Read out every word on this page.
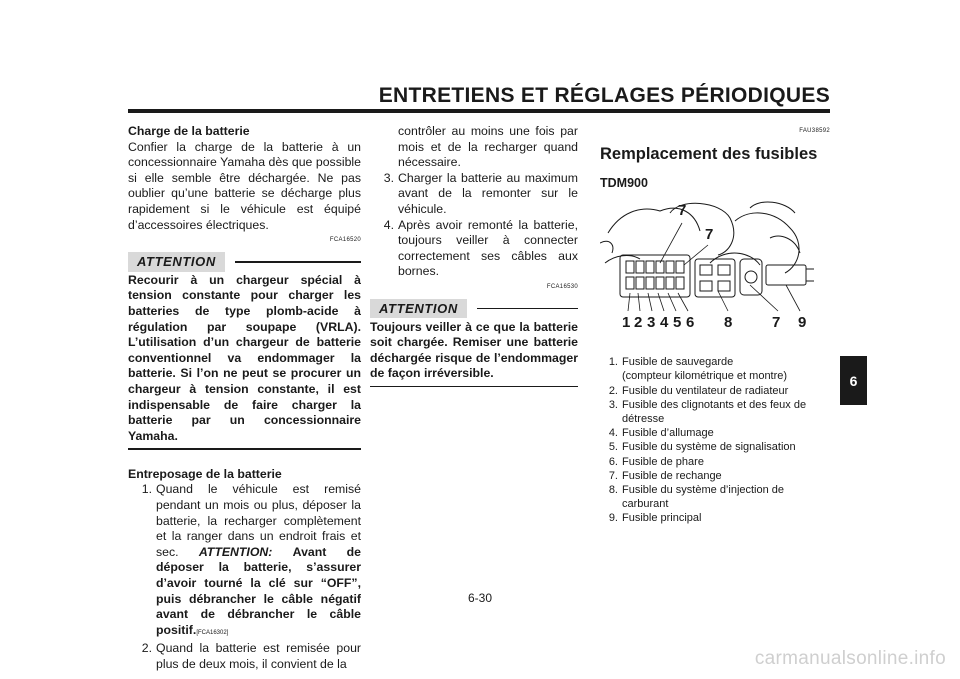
ENTRETIENS ET RÉGLAGES PÉRIODIQUES

Charge de la batterie

Confier la charge de la batterie à un concessionnaire Yamaha dès que possible si elle semble être déchargée. Ne pas oublier qu’une batterie se décharge plus rapidement si le véhicule est équipé d’accessoires électriques.

FCA16520

ATTENTION

Recourir à un chargeur spécial à tension constante pour charger les batteries de type plomb-acide à régulation par soupape (VRLA). L’utilisation d’un chargeur de batterie conventionnel va endommager la batterie. Si l’on ne peut se procurer un chargeur à tension constante, il est indispensable de faire charger la batterie par un concessionnaire Yamaha.

Entreposage de la batterie

1. Quand le véhicule est remisé pendant un mois ou plus, déposer la batterie, la recharger complètement et la ranger dans un endroit frais et sec. ATTENTION: Avant de déposer la batterie, s’assurer d’avoir tourné la clé sur “OFF”, puis débrancher le câble négatif avant de débrancher le câble positif.[FCA16302]
2. Quand la batterie est remisée pour plus de deux mois, il convient de la

contrôler au moins une fois par mois et de la recharger quand nécessaire.

3. Charger la batterie au maximum avant de la remonter sur le véhicule.
4. Après avoir remonté la batterie, toujours veiller à connecter correctement ses câbles aux bornes.

FCA16530

ATTENTION

Toujours veiller à ce que la batterie soit chargée. Remiser une batterie déchargée risque de l’endommager de façon irréversible.

FAU38592
Remplacement des fusibles
TDM900
7
7
1 2 3 4 5 6 8	7 9
1. Fusible de sauvegarde
(compteur kilométrique et montre)
2. Fusible du ventilateur de radiateur
3. Fusible des clignotants et des feux de
détresse
4. Fusible d’allumage
5. Fusible du système de signalisation
6. Fusible de phare
7. Fusible de rechange
8. Fusible du système d’injection de
carburant
9. Fusible principal
6
6-30
carmanualsonline.info
